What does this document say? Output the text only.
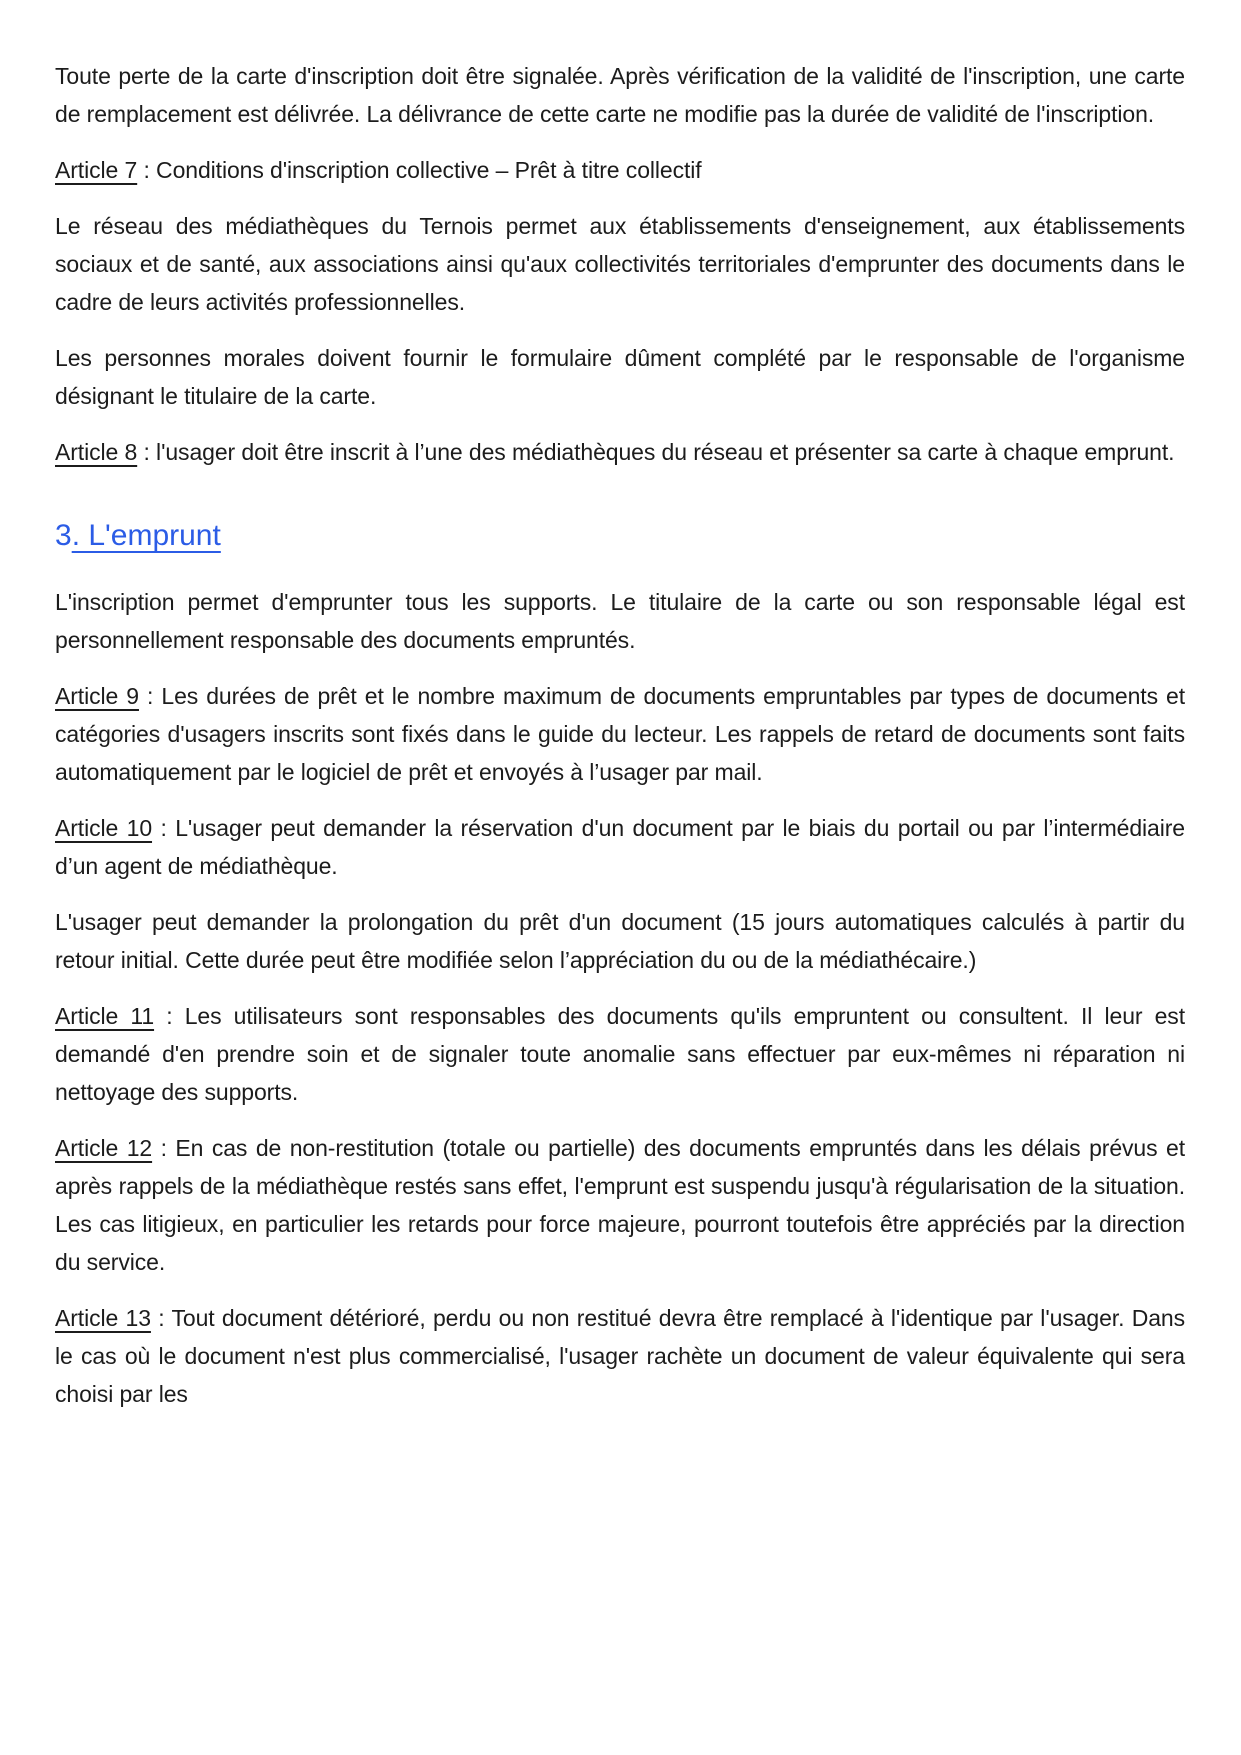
Toute perte de la carte d'inscription doit être signalée. Après vérification de la validité de l'inscription, une carte de remplacement est délivrée. La délivrance de cette carte ne modifie pas la durée de validité de l'inscription.

Article 7 : Conditions d'inscription collective – Prêt à titre collectif

Le réseau des médiathèques du Ternois permet aux établissements d'enseignement, aux établissements sociaux et de santé, aux associations ainsi qu'aux collectivités territoriales d'emprunter des documents dans le cadre de leurs activités professionnelles.

Les personnes morales doivent fournir le formulaire dûment complété par le responsable de l'organisme désignant le titulaire de la carte.

Article 8 : l'usager doit être inscrit à l’une des médiathèques du réseau et présenter sa carte à chaque emprunt.

3. L'emprunt

L'inscription permet d'emprunter tous les supports. Le titulaire de la carte ou son responsable légal est personnellement responsable des documents empruntés.

Article 9 : Les durées de prêt et le nombre maximum de documents empruntables par types de documents et catégories d'usagers inscrits sont fixés dans le guide du lecteur. Les rappels de retard de documents sont faits automatiquement par le logiciel de prêt et envoyés à l’usager par mail.

Article 10 : L'usager peut demander la réservation d'un document par le biais du portail ou par l’intermédiaire d’un agent de médiathèque.

L'usager peut demander la prolongation du prêt d'un document (15 jours automatiques calculés à partir du retour initial. Cette durée peut être modifiée selon l’appréciation du ou de la médiathécaire.)

Article 11 : Les utilisateurs sont responsables des documents qu'ils empruntent ou consultent. Il leur est demandé d'en prendre soin et de signaler toute anomalie sans effectuer par eux-mêmes ni réparation ni nettoyage des supports.

Article 12 : En cas de non-restitution (totale ou partielle) des documents empruntés dans les délais prévus et après rappels de la médiathèque restés sans effet, l'emprunt est suspendu jusqu'à régularisation de la situation. Les cas litigieux, en particulier les retards pour force majeure, pourront toutefois être appréciés par la direction du service.

Article 13 : Tout document détérioré, perdu ou non restitué devra être remplacé à l'identique par l'usager. Dans le cas où le document n'est plus commercialisé, l'usager rachète un document de valeur équivalente qui sera choisi par les
